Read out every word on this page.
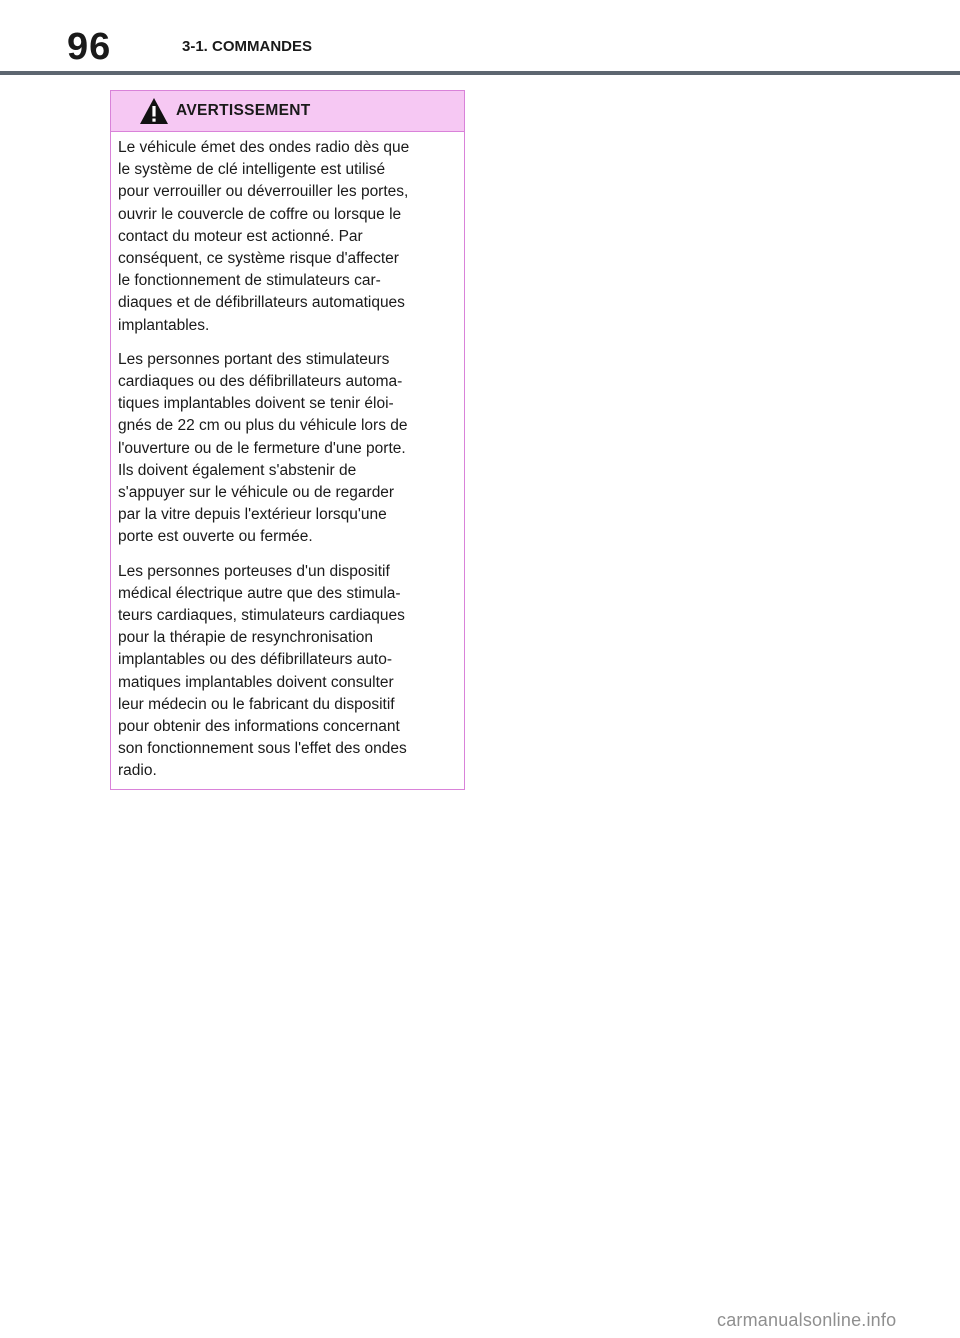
96	3-1. COMMANDES
AVERTISSEMENT
Le véhicule émet des ondes radio dès que
le système de clé intelligente est utilisé
pour verrouiller ou déverrouiller les portes,
ouvrir le couvercle de coffre ou lorsque le
contact du moteur est actionné. Par
conséquent, ce système risque d'affecter
le fonctionnement de stimulateurs car-
diaques et de défibrillateurs automatiques
implantables.
Les personnes portant des stimulateurs
cardiaques ou des défibrillateurs automa-
tiques implantables doivent se tenir éloi-
gnés de 22 cm ou plus du véhicule lors de
l'ouverture ou de le fermeture d'une porte.
Ils doivent également s'abstenir de
s'appuyer sur le véhicule ou de regarder
par la vitre depuis l'extérieur lorsqu'une
porte est ouverte ou fermée.
Les personnes porteuses d'un dispositif
médical électrique autre que des stimula-
teurs cardiaques, stimulateurs cardiaques
pour la thérapie de resynchronisation
implantables ou des défibrillateurs auto-
matiques implantables doivent consulter
leur médecin ou le fabricant du dispositif
pour obtenir des informations concernant
son fonctionnement sous l'effet des ondes
radio.
carmanualsonline.info
